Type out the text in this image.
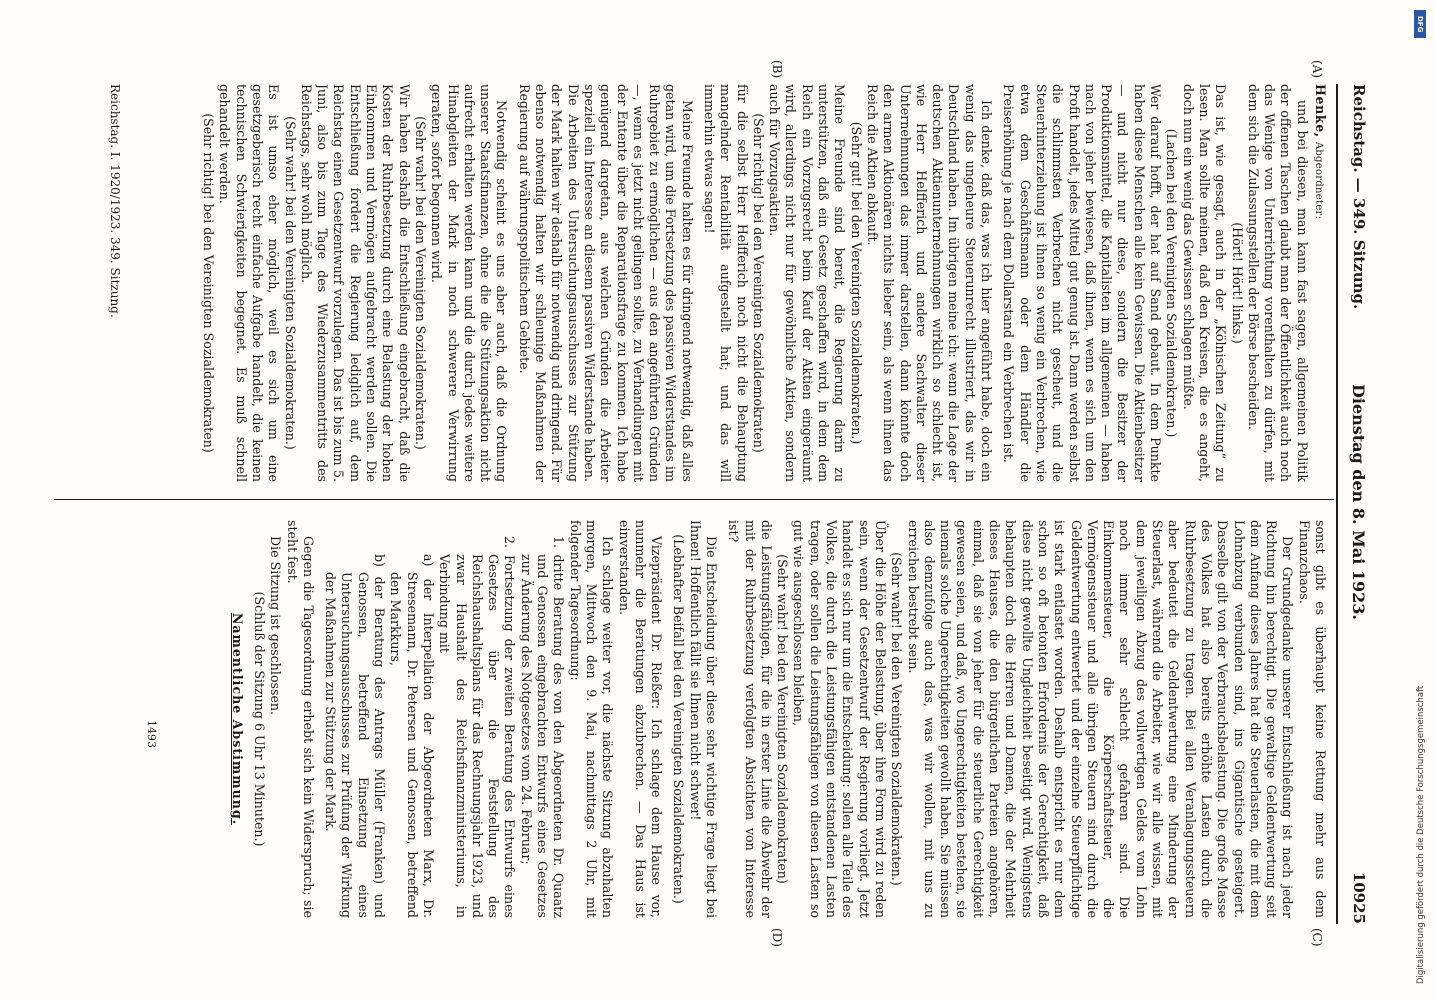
Reichstag. — 349. Sitzung.
Dienstag den 8. Mai 1923.
10925
(A)
(B)
(C)
(D)

Henke, Abgeordneter:

und bei diesen, man kann fast sagen, allgemeinen Politik der offenen Taschen glaubt man der Öffentlichkeit auch noch das Wenige von Unterrichtung vorenthalten zu dürfen, mit dem sich die Zulassungsstellen der Börse bescheiden.

(Hört! Hört! links.)

Das ist, wie gesagt, auch in der „Kölnischen Zeitung“ zu lesen. Man sollte meinen, daß den Kreisen, die es angeht, doch nun ein wenig das Gewissen schlagen müßte.

(Lachen bei den Vereinigten Sozialdemokraten.)

Wer darauf hofft, der hat auf Sand gebaut. In dem Punkte haben diese Menschen alle kein Gewissen. Die Aktienbesitzer — und nicht nur diese, sondern die Besitzer der Produktionsmittel, die Kapitalisten im allgemeinen — haben nach von jeher bewiesen, daß ihnen, wenn es sich um den Profit handelt, jedes Mittel gut genug ist. Dann werden selbst die schlimmsten Verbrechen nicht gescheut, und die Steuerhinterziehung ist ihnen so wenig ein Verbrechen, wie etwa dem Geschäftsmann oder dem Händler die Preiserhöhung je nach dem Dollarstand ein Verbrechen ist.

Ich denke, daß das, was ich hier angeführt habe, doch ein wenig das ungeheure Steuerunrecht illustriert, das wir in Deutschland haben. Im übrigen meine ich: wenn die Lage der deutschen Aktienunternehmungen wirklich so schlecht ist, wie Herr Helfferich und andere Sachwalter dieser Unternehmungen das immer darstellen, dann könnte doch den armen Aktionären nichts lieber sein, als wenn ihnen das Reich die Aktien abkauft.

(Sehr gut! bei den Vereinigten Sozialdemokraten.)

Meine Freunde sind bereit, die Regierung darin zu unterstützen, daß ein Gesetz geschaffen wird, in dem dem Reich ein Vorzugsrecht beim Kauf der Aktien eingeräumt wird, allerdings nicht nur für gewöhnliche Aktien, sondern auch für Vorzugsaktien.

(Sehr richtig! bei den Vereinigten Sozialdemokraten)

für die selbst Herr Helfferich noch nicht die Behauptung mangelnder Rentabilität aufgestellt hat; und das will immerhin etwas sagen!

Meine Freunde halten es für dringend notwendig, daß alles getan wird, um die Fortsetzung des passiven Widerstandes im Ruhrgebiet zu ermöglichen — aus den angeführten Gründen —, wenn es jetzt nicht gelingen sollte, zu Verhandlungen mit der Entente über die Reparationsfrage zu kommen. Ich habe genügend dargetan, aus welchen Gründen die Arbeiter speziell ein Interesse an diesem passiven Widerstande haben. Die Arbeiten des Untersuchungsausschusses zur Stützung der Mark halten wir deshalb für notwendig und dringend. Für ebenso notwendig halten wir schleunige Maßnahmen der Regierung auf währungspolitischem Gebiete.

Notwendig scheint es uns aber auch, daß die Ordnung unserer Staatsfinanzen, ohne die die Stützungsaktion nicht aufrecht erhalten werden kann und die durch jedes weitere Hinabgleiten der Mark in noch schwerere Verwirrung geraten, sofort begonnen wird.

(Sehr wahr! bei den Vereinigten Sozialdemokraten.)

Wir haben deshalb die Entschließung eingebracht, daß die Kosten der Ruhrbesetzung durch eine Belastung der hohen Einkommen und Vermögen aufgebracht werden sollen. Die Entschließung fordert die Regierung lediglich auf, dem Reichstag einen Gesetzentwurf vorzulegen. Das ist bis zum 5. Juni, also bis zum Tage des Wiederzusammentritts des Reichstags, sehr wohl möglich.

(Sehr wahr! bei den Vereinigten Sozialdemokraten.)

Es ist umso eher möglich, weil es sich um eine gesetzgeberisch recht einfache Aufgabe handelt, die keinen technischen Schwierigkeiten begegnet. Es muß schnell gehandelt werden.

(Sehr richtig! bei den Vereinigten Sozialdemokraten)

sonst gibt es überhaupt keine Rettung mehr aus dem Finanzchaos.

Der Grundgedanke unserer Entschließung ist nach jeder Richtung hin berechtigt. Die gewaltige Geldentwertung seit dem Anfang dieses Jahres hat die Steuerlasten, die mit dem Lohnabzug verbunden sind, ins Gigantische gesteigert. Dasselbe gilt von der Verbrauchsbelastung. Die große Masse des Volkes hat also bereits erhöhte Lasten durch die Ruhrbesetzung zu tragen. Bei allen Veranlagungssteuern aber bedeutet die Geldentwertung eine Minderung der Steuerlast, während die Arbeiter, wie wir alle wissen, mit dem jeweiligen Abzug des vollwertigen Geldes vom Lohn noch immer sehr schlecht gefahren sind. Die Einkommensteuer, die Körperschaftsteuer, die Vermögenssteuer und alle übrigen Steuern sind durch die Geldentwertung entwertet und der einzelne Steuerpflichtige ist stark entlastet worden. Deshalb entspricht es nur dem schon so oft betonten Erfordernis der Gerechtigkeit, daß diese nicht gewollte Ungleichheit beseitigt wird. Wenigstens behaupten doch die Herren und Damen, die der Mehrheit dieses Hauses, die den bürgerlichen Parteien angehören, einmal, daß sie von jeher für die steuerliche Gerechtigkeit gewesen seien, und daß, wo Ungerechtigkeiten bestehen, sie niemals solche Ungerechtigkeiten gewollt haben. Sie müssen also demzufolge auch das, was wir wollen, mit uns zu erreichen bestrebt sein.

(Sehr wahr! bei den Vereinigten Sozialdemokraten.)

Über die Höhe der Belastung, über ihre Form wird zu reden sein, wenn der Gesetzentwurf der Regierung vorliegt. Jetzt handelt es sich nur um die Entscheidung: sollen alle Teile des Volkes, die durch die Leistungsfähigen entstandenen Lasten tragen, oder sollen die Leistungsfähigen von diesen Lasten so gut wie ausgeschlossen bleiben,

(Sehr wahr! bei den Vereinigten Sozialdemokraten)

die Leistungsfähigen, für die in erster Linie die Abwehr der mit der Ruhrbesetzung verfolgten Absichten von Interesse ist?

Die Entscheidung über diese sehr wichtige Frage liegt bei Ihnen! Hoffentlich fällt sie Ihnen nicht schwer!

(Lebhafter Beifall bei den Vereinigten Sozialdemokraten.)

Vizepräsident Dr. Rießer: Ich schlage dem Hause vor, nunmehr die Beratungen abzubrechen. — Das Haus ist einverstanden.

Ich schlage weiter vor, die nächste Sitzung abzuhalten morgen, Mittwoch den 9. Mai, nachmittags 2 Uhr, mit folgender Tagesordnung:

1. dritte Beratung des von den Abgeordneten Dr. Quaatz und Genossen eingebrachten Entwurfs eines Gesetzes zur Änderung des Notgesetzes vom 24. Februar;

2. Fortsetzung der zweiten Beratung des Entwurfs eines Gesetzes über die Feststellung des Reichshaushaltsplans für das Rechnungsjahr 1923, und zwar Haushalt des Reichsfinanzministeriums, in Verbindung mit

a) der Interpellation der Abgeordneten Marx, Dr. Stresemann, Dr. Petersen und Genossen, betreffend den Markkurs,

b) der Beratung des Antrags Müller (Franken) und Genossen, betreffend Einsetzung eines Untersuchungsausschusses zur Prüfung der Wirkung der Maßnahmen zur Stützung der Mark.

Gegen die Tagesordnung erhebt sich kein Widerspruch; sie steht fest.

Die Sitzung ist geschlossen.

(Schluß der Sitzung 6 Uhr 13 Minuten.)

Namentliche Abstimmung.

Reichstag. I. 1920/1923. 349. Sitzung.
1493
DFG
Digitalisierung gefördert durch die Deutsche Forschungsgemeinschaft
